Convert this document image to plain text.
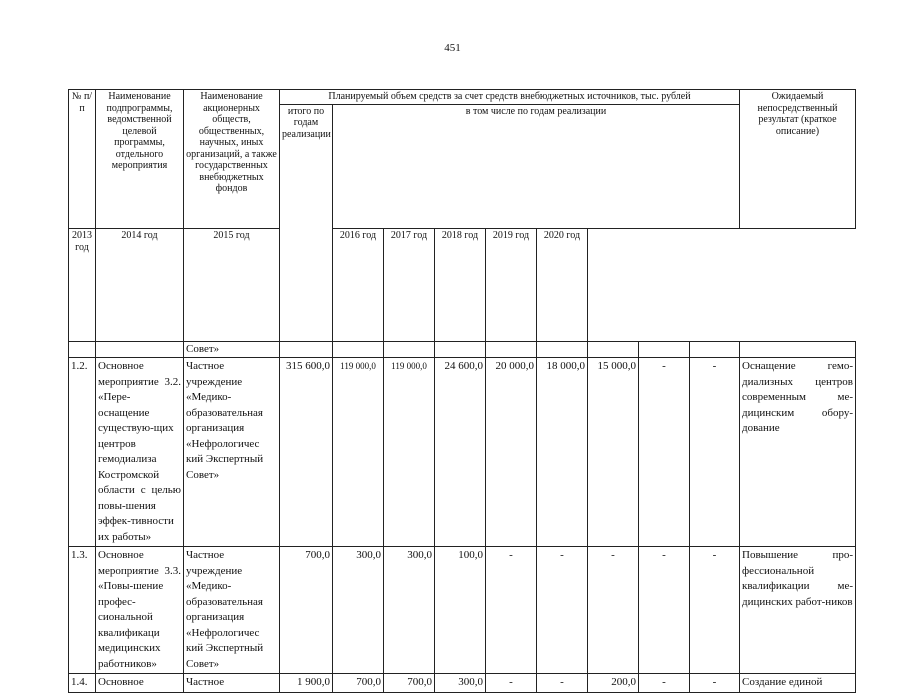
451
№ п/п	Наименование подпрограммы, ведомственной целевой программы, отдельного мероприятия	Наименование акционерных обществ, общественных, научных, иных организаций, а также государственных внебюджетных фондов	Планируемый объем средств за счет средств внебюджетных источников, тыс. рублей									Ожидаемый непосредственный результат (краткое описание)
			итого по годам реализации	в том числе по годам реализации								
2013 год	2014 год	2015 год		2016 год	2017 год	2018 год	2019 год	2020 год				
		Совет»										
1.2.	Основное мероприятие 3.2. «Пере-оснащение существую-щих центров гемодиализа Костромской области с целью повы-шения эффек-тивности их работы»	Частное учреждение «Медико-образовательная организация «Нефрологичес кий Экспертный Совет»	315 600,0	119 000,0	119 000,0	24 600,0	20 000,0	18 000,0	15 000,0	-	-	Оснащение гемо-диализных центров современным ме-дицинским обору-дование
1.3.	Основное мероприятие 3.3. «Повы-шение профес-сиональной квалификаци медицинских работников»	Частное учреждение «Медико-образовательная организация «Нефрологичес кий Экспертный Совет»	700,0	300,0	300,0	100,0	-	-	-	-	-	Повышение про-фессиональной квалификации ме-дицинских работ-ников
1.4.	Основное	Частное	1 900,0	700,0	700,0	300,0	-	-	200,0	-	-	Создание единой
